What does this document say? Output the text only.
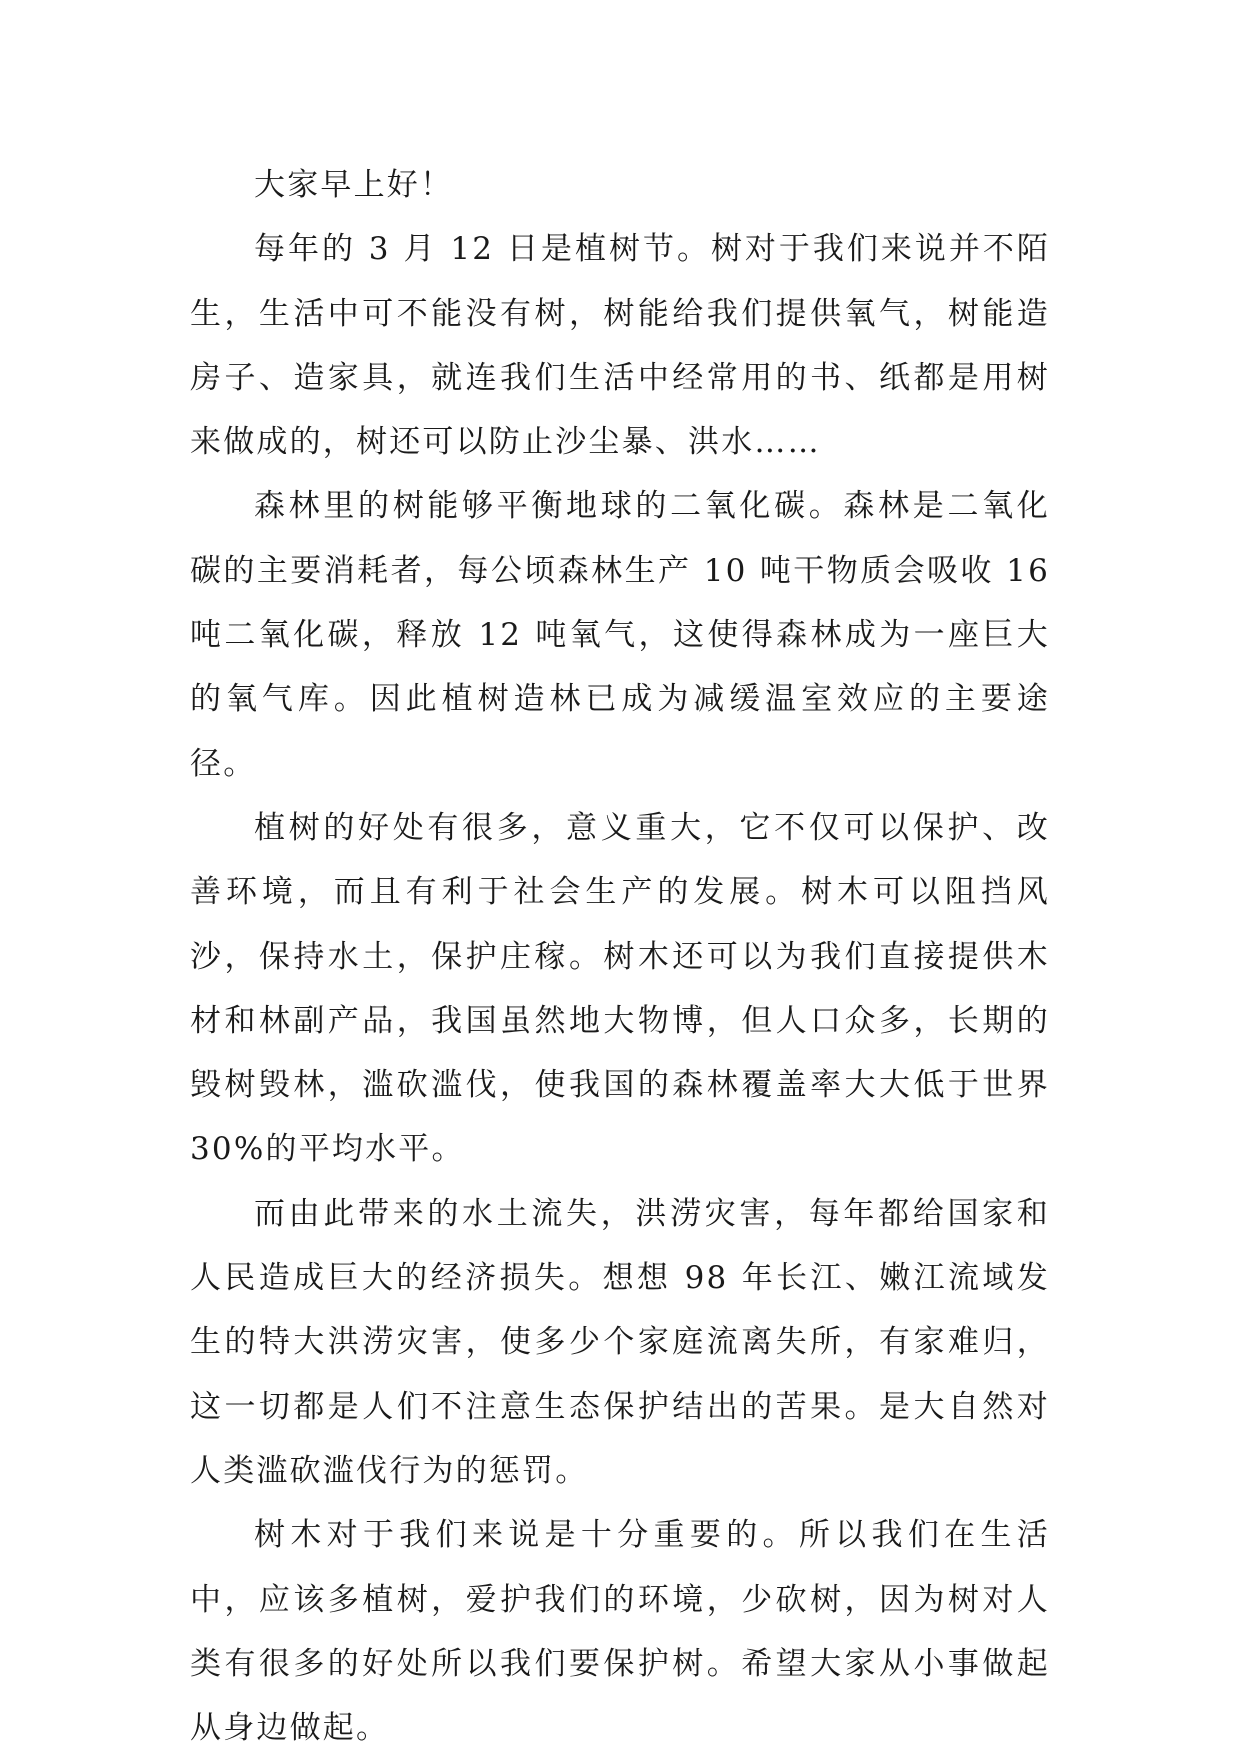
大家早上好！

每年的 3 月 12 日是植树节。树对于我们来说并不陌生，生活中可不能没有树，树能给我们提供氧气，树能造房子、造家具，就连我们生活中经常用的书、纸都是用树来做成的，树还可以防止沙尘暴、洪水……

森林里的树能够平衡地球的二氧化碳。森林是二氧化碳的主要消耗者，每公顷森林生产 10 吨干物质会吸收 16 吨二氧化碳，释放 12 吨氧气，这使得森林成为一座巨大的氧气库。因此植树造林已成为减缓温室效应的主要途径。

植树的好处有很多，意义重大，它不仅可以保护、改善环境，而且有利于社会生产的发展。树木可以阻挡风沙，保持水土，保护庄稼。树木还可以为我们直接提供木材和林副产品，我国虽然地大物博，但人口众多，长期的毁树毁林，滥砍滥伐，使我国的森林覆盖率大大低于世界 30%的平均水平。

而由此带来的水土流失，洪涝灾害，每年都给国家和人民造成巨大的经济损失。想想 98 年长江、嫩江流域发生的特大洪涝灾害，使多少个家庭流离失所，有家难归，这一切都是人们不注意生态保护结出的苦果。是大自然对人类滥砍滥伐行为的惩罚。

树木对于我们来说是十分重要的。所以我们在生活中，应该多植树，爱护我们的环境，少砍树，因为树对人类有很多的好处所以我们要保护树。希望大家从小事做起从身边做起。
